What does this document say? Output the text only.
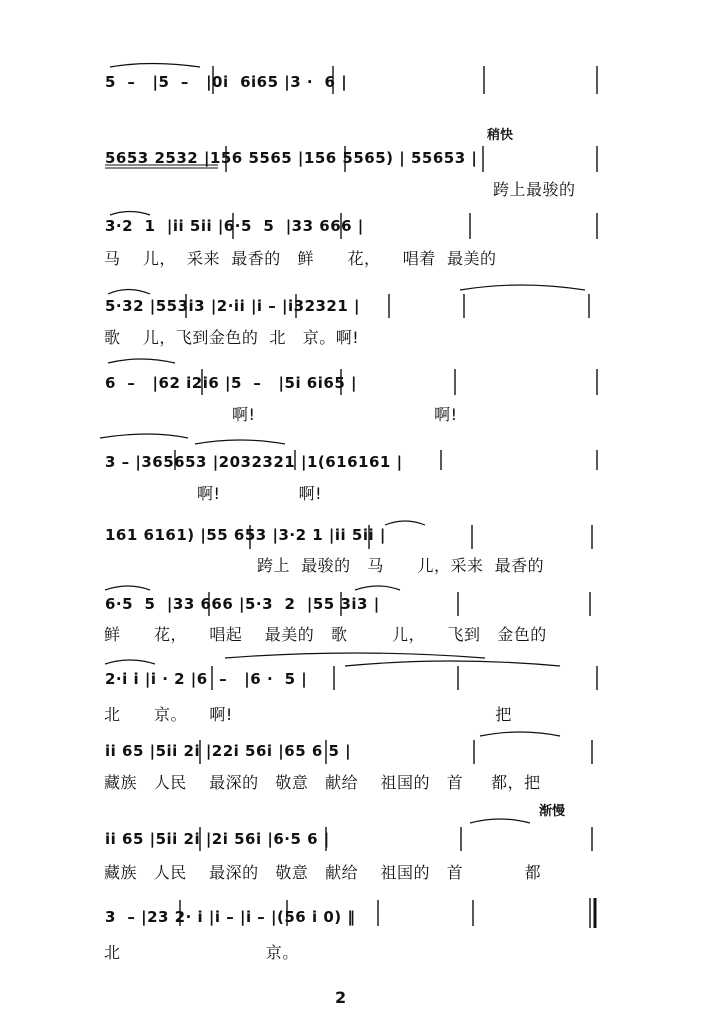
5  –   |5  –   |0i  6i65 |3 ·  6 |
稍快
5653 2532 |156 5565 |156 5565) | 55653 |
跨上最骏的
3·2  1  |ii 5ii |6·5  5  |33 666 |
马    儿，  采来  最香的   鲜      花，    唱着  最美的
5·32 |553i3 |2·ii |i – |i32321 |
歌    儿，飞到金色的  北   京。啊!
6  –   |62 i2i6 |5  –   |5i 6i65 |
啊!                                啊!
3 – |365653 |2032321 |1(616161 |
啊!              啊!
161 6161) |55 653 |3·2 1 |ii 5ii |
跨上  最骏的   马      儿，采来  最香的
6·5  5  |33 666 |5·3  2  |55 3i3 |
鲜      花，    唱起    最美的   歌        儿，    飞到   金色的
2·i i |i · 2 |6  –   |6 ·  5 |
北      京。    啊!                                               把
ii 65 |5ii 2i |22i 56i |65 6 5 |
藏族   人民    最深的   敬意   献给    祖国的   首     都，把
渐慢
ii 65 |5ii 2i |2i 56i |6·5 6 |
藏族   人民    最深的   敬意   献给    祖国的   首           都
3  – |23 2· i |i – |i – |(56 i 0) ‖
北                          京。
2
